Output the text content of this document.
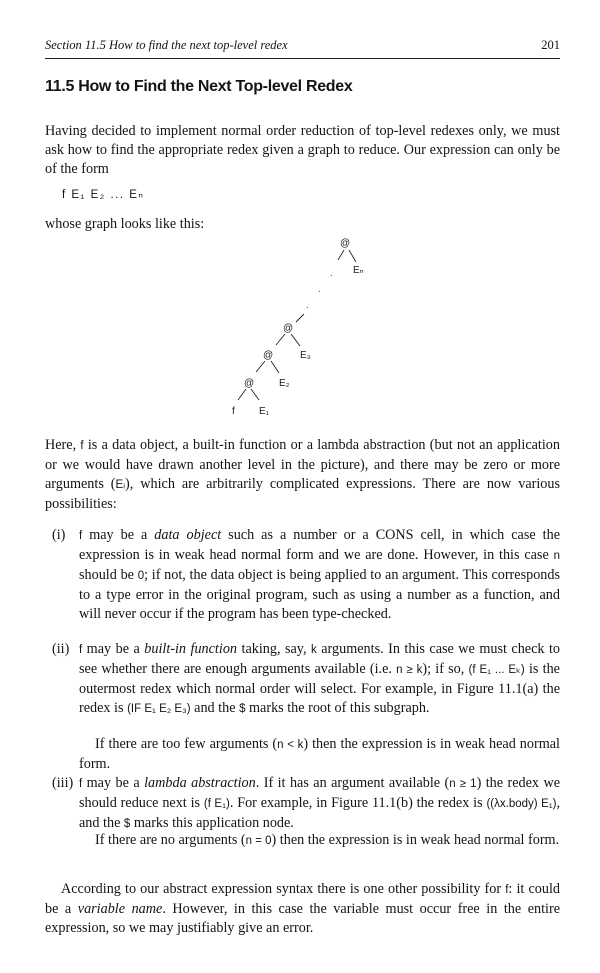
Section 11.5 How to find the next top-level redex	201
11.5 How to Find the Next Top-level Redex
Having decided to implement normal order reduction of top-level redexes only, we must ask how to find the appropriate redex given a graph to reduce. Our expression can only be of the form
f E₁ E₂ ... Eₙ
whose graph looks like this:
@
Eₙ
.
.
.
@
E₃
@
E₂
@
f E₁
Here, f is a data object, a built-in function or a lambda abstraction (but not an application or we would have drawn another level in the picture), and there may be zero or more arguments (Eᵢ), which are arbitrarily complicated expressions. There are now various possibilities:
(i) f may be a data object such as a number or a CONS cell, in which case the expression is in weak head normal form and we are done. However, in this case n should be 0; if not, the data object is being applied to an argument. This corresponds to a type error in the original program, such as using a number as a function, and will never occur if the program has been type-checked.
(ii) f may be a built-in function taking, say, k arguments. In this case we must check to see whether there are enough arguments available (i.e. n ≥ k); if so, (f E₁ ... Eₖ) is the outermost redex which normal order will select. For example, in Figure 11.1(a) the redex is (IF E₁ E₂ E₃) and the $ marks the root of this subgraph.
If there are too few arguments (n < k) then the expression is in weak head normal form.
(iii) f may be a lambda abstraction. If it has an argument available (n ≥ 1) the redex we should reduce next is (f E₁). For example, in Figure 11.1(b) the redex is ((λx.body) E₁), and the $ marks this application node.
If there are no arguments (n = 0) then the expression is in weak head normal form.
According to our abstract expression syntax there is one other possibility for f: it could be a variable name. However, in this case the variable must occur free in the entire expression, so we may justifiably give an error.
